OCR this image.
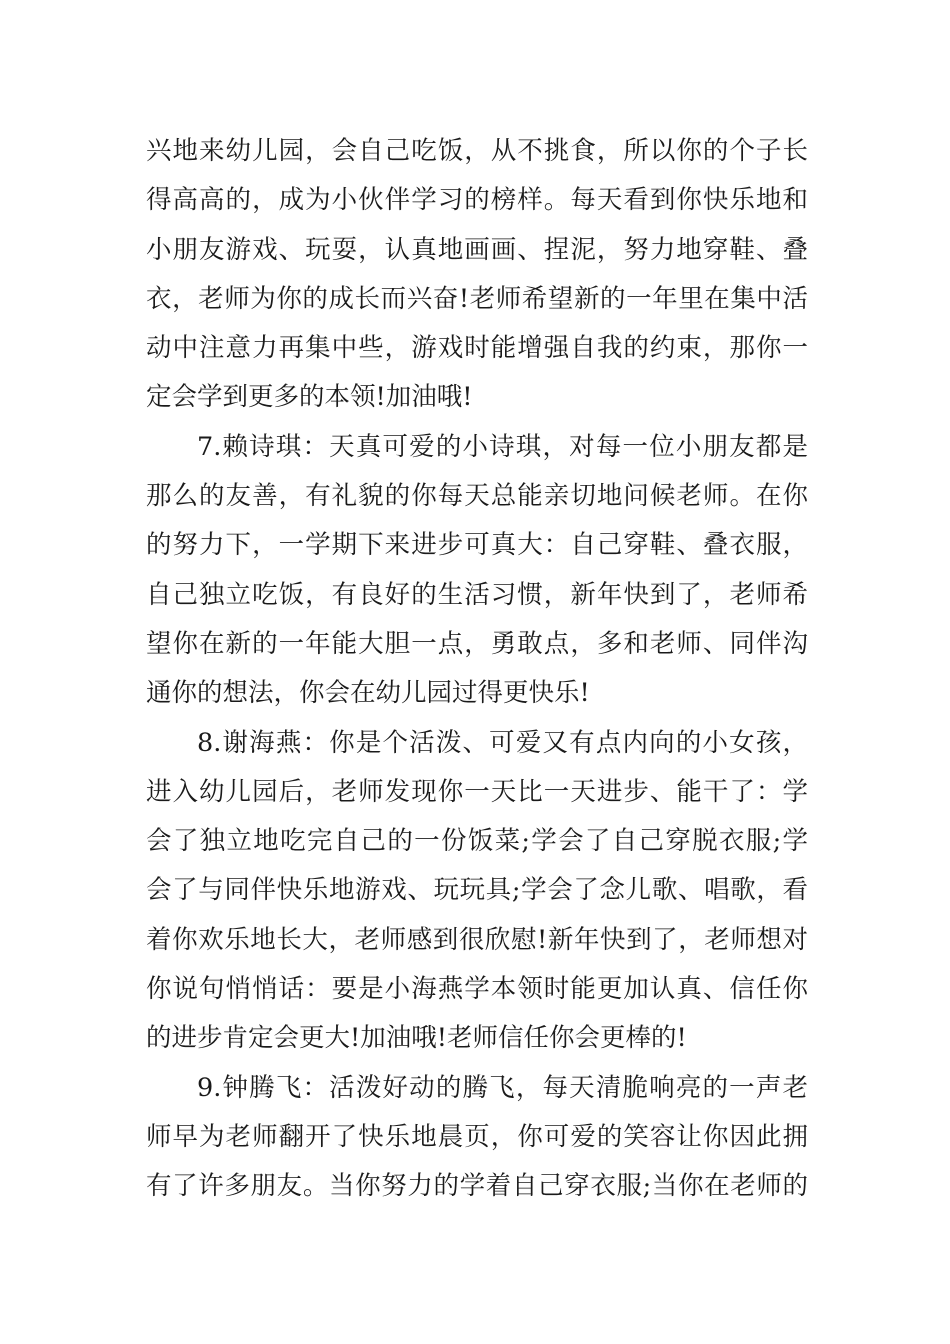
兴地来幼儿园，会自己吃饭，从不挑食，所以你的个子长
得高高的，成为小伙伴学习的榜样。每天看到你快乐地和
小朋友游戏、玩耍，认真地画画、捏泥，努力地穿鞋、叠
衣，老师为你的成长而兴奋!老师希望新的一年里在集中活
动中注意力再集中些，游戏时能增强自我的约束，那你一
定会学到更多的本领!加油哦!
7.赖诗琪：天真可爱的小诗琪，对每一位小朋友都是
那么的友善，有礼貌的你每天总能亲切地问候老师。在你
的努力下，一学期下来进步可真大：自己穿鞋、叠衣服，
自己独立吃饭，有良好的生活习惯，新年快到了，老师希
望你在新的一年能大胆一点，勇敢点，多和老师、同伴沟
通你的想法，你会在幼儿园过得更快乐!
8.谢海燕：你是个活泼、可爱又有点内向的小女孩，
进入幼儿园后，老师发现你一天比一天进步、能干了：学
会了独立地吃完自己的一份饭菜;学会了自己穿脱衣服;学
会了与同伴快乐地游戏、玩玩具;学会了念儿歌、唱歌，看
着你欢乐地长大，老师感到很欣慰!新年快到了，老师想对
你说句悄悄话：要是小海燕学本领时能更加认真、信任你
的进步肯定会更大!加油哦!老师信任你会更棒的!
9.钟腾飞：活泼好动的腾飞，每天清脆响亮的一声老
师早为老师翻开了快乐地晨页，你可爱的笑容让你因此拥
有了许多朋友。当你努力的学着自己穿衣服;当你在老师的
